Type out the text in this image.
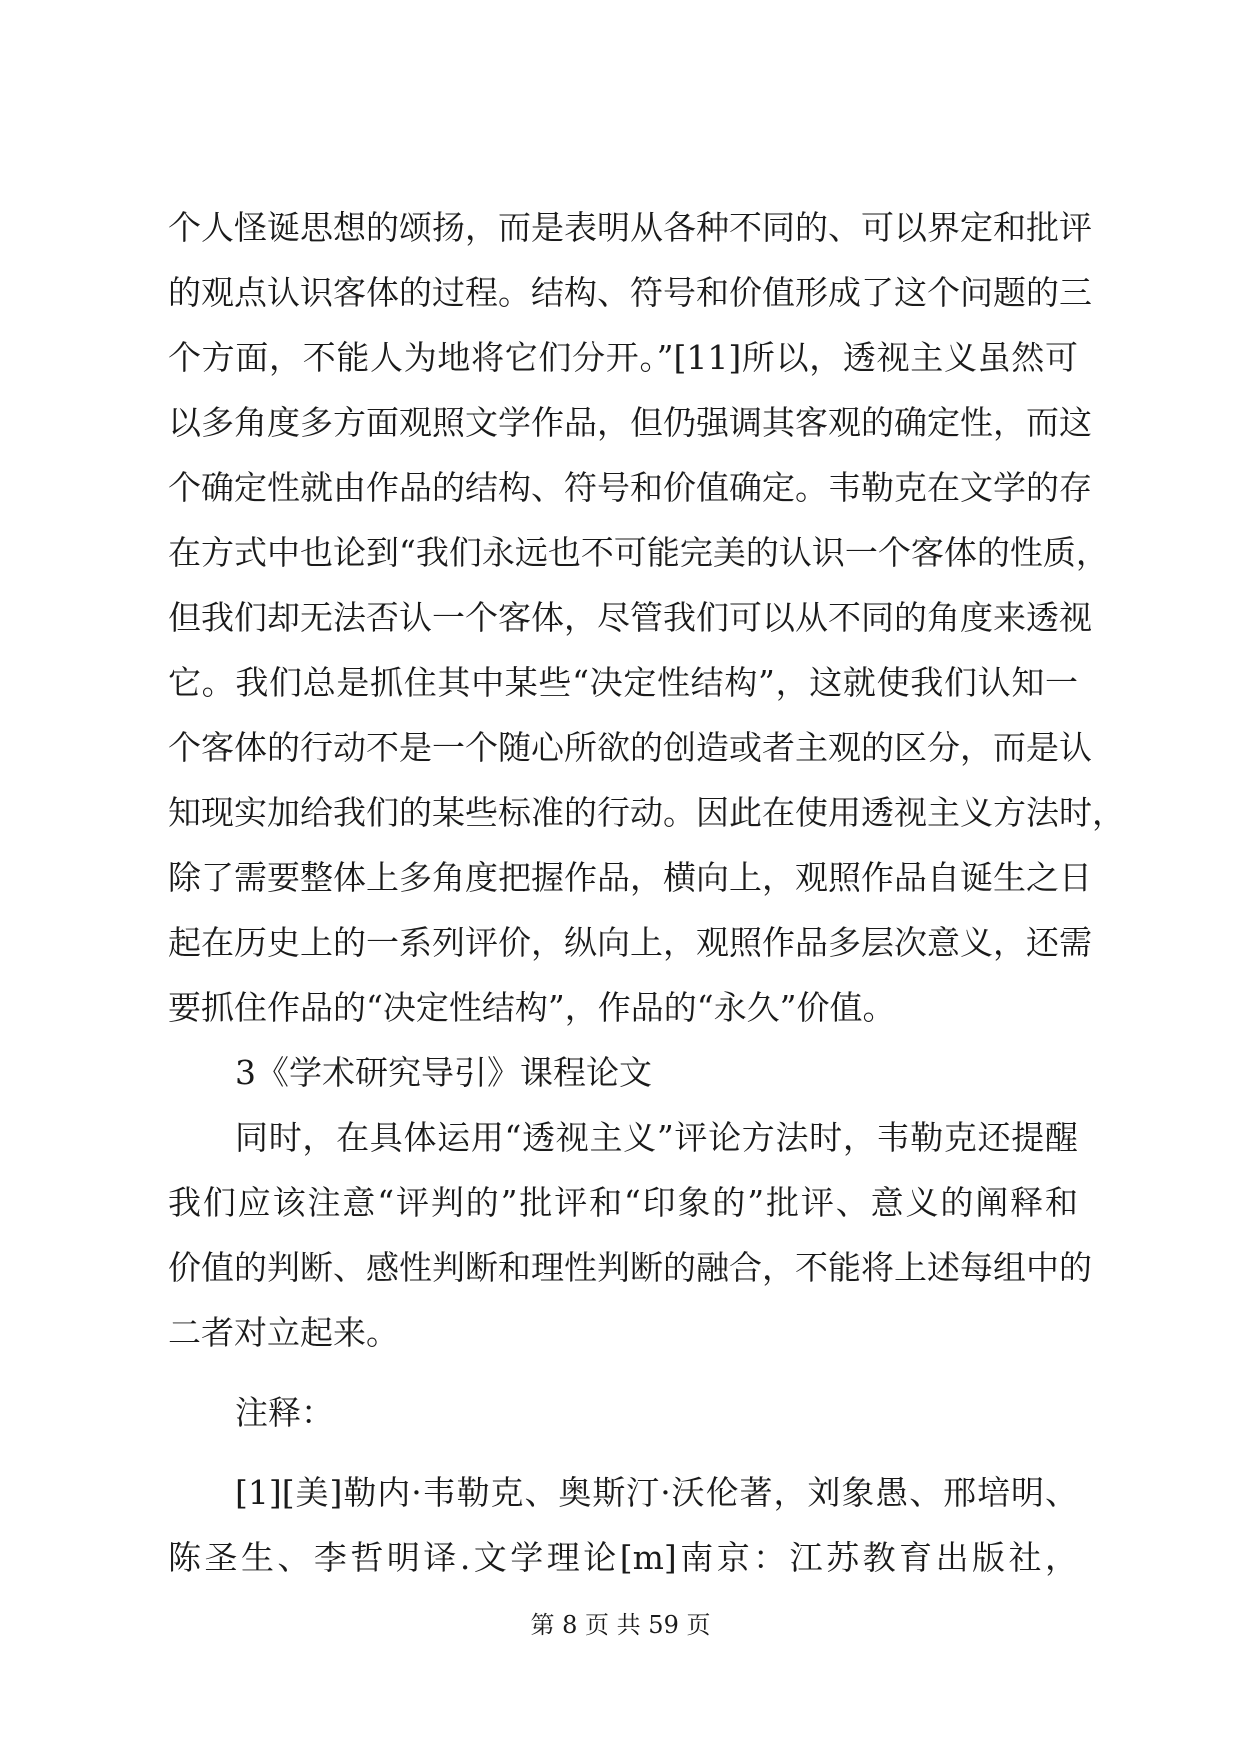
个人怪诞思想的颂扬，而是表明从各种不同的、可以界定和批评
的观点认识客体的过程。结构、符号和价值形成了这个问题的三
个方面，不能人为地将它们分开。”[11]所以，透视主义虽然可
以多角度多方面观照文学作品，但仍强调其客观的确定性，而这
个确定性就由作品的结构、符号和价值确定。韦勒克在文学的存
在方式中也论到“我们永远也不可能完美的认识一个客体的性质，
但我们却无法否认一个客体，尽管我们可以从不同的角度来透视
它。我们总是抓住其中某些“决定性结构”，这就使我们认知一
个客体的行动不是一个随心所欲的创造或者主观的区分，而是认
知现实加给我们的某些标准的行动。因此在使用透视主义方法时，
除了需要整体上多角度把握作品，横向上，观照作品自诞生之日
起在历史上的一系列评价，纵向上，观照作品多层次意义，还需
要抓住作品的“决定性结构”，作品的“永久”价值。
3《学术研究导引》课程论文
同时，在具体运用“透视主义”评论方法时，韦勒克还提醒
我们应该注意“评判的”批评和“印象的”批评、意义的阐释和
价值的判断、感性判断和理性判断的融合，不能将上述每组中的
二者对立起来。
注释：
[1][美]勒内·韦勒克、奥斯汀·沃伦著，刘象愚、邢培明、
陈圣生、李哲明译.文学理论[m]南京：江苏教育出版社，
第 8 页 共 59 页
